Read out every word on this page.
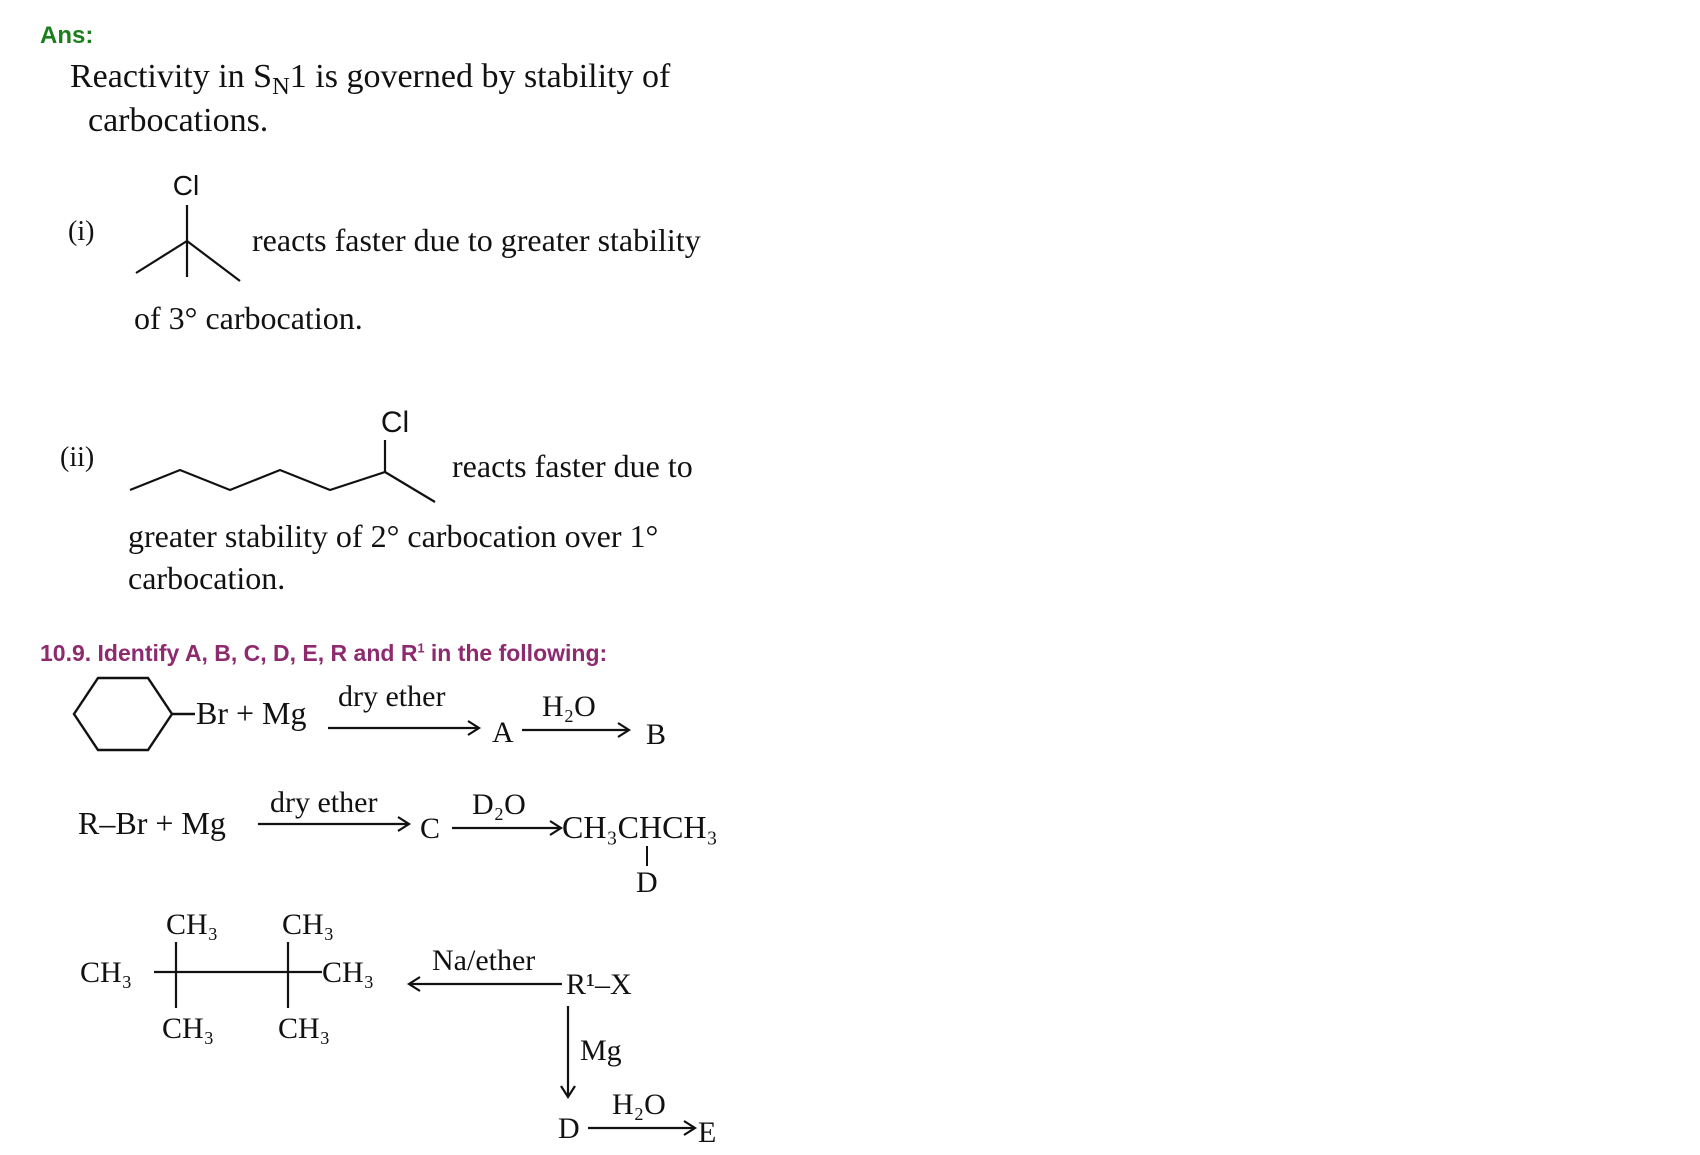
Ans:
Reactivity in $S_N1$ is governed by stability of
carbocations.
(i)
Cl
reacts faster due to greater stability
of 3° carbocation.
(ii)
Cl
reacts faster due to
greater stability of 2° carbocation over 1°
carbocation.
10.9. Identify A, B, C, D, E, R and $R^1$ in the following:
Br + Mg dry ether
A
H₂O
B
R–Br + Mg
dry ether
C
D₂O
CH₃CHCH₃
D
CH₃ CH₃
CH₃	CH₃
CH₃ CH₃
Na/ether
R¹–X
Mg
D
H₂O
E
